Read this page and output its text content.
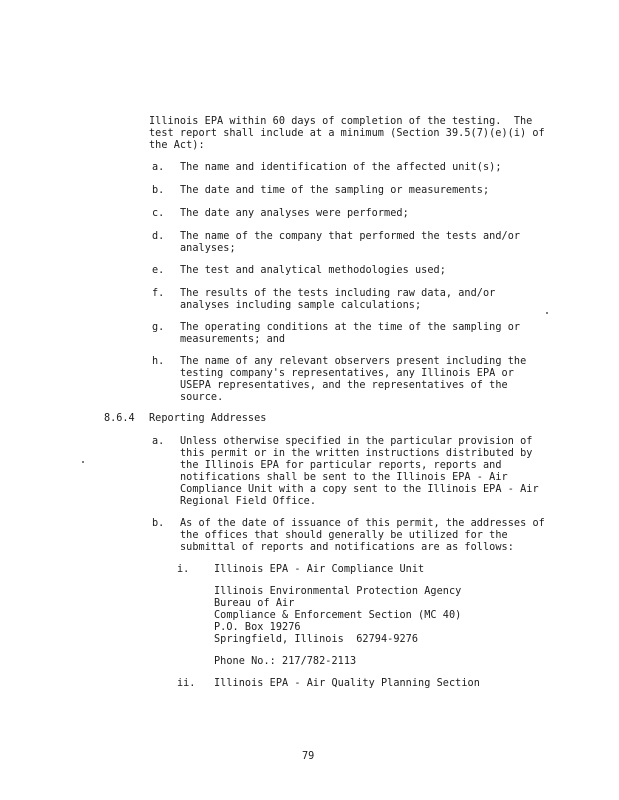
Illinois EPA within 60 days of completion of the testing.  The
test report shall include at a minimum (Section 39.5(7)(e)(i) of
the Act):
a. The name and identification of the affected unit(s);
b. The date and time of the sampling or measurements;
c. The date any analyses were performed;
d. The name of the company that performed the tests and/or
analyses;
e. The test and analytical methodologies used;
f. The results of the tests including raw data, and/or
analyses including sample calculations;
g. The operating conditions at the time of the sampling or
measurements; and
h. The name of any relevant observers present including the
testing company's representatives, any Illinois EPA or
USEPA representatives, and the representatives of the
source.
8.6.4 Reporting Addresses
a. Unless otherwise specified in the particular provision of
this permit or in the written instructions distributed by
the Illinois EPA for particular reports, reports and
notifications shall be sent to the Illinois EPA - Air
Compliance Unit with a copy sent to the Illinois EPA - Air
Regional Field Office.
b. As of the date of issuance of this permit, the addresses of
the offices that should generally be utilized for the
submittal of reports and notifications are as follows:
i. Illinois EPA - Air Compliance Unit
Illinois Environmental Protection Agency
Bureau of Air
Compliance & Enforcement Section (MC 40)
P.O. Box 19276
Springfield, Illinois  62794-9276
Phone No.: 217/782-2113
ii. Illinois EPA - Air Quality Planning Section
79
